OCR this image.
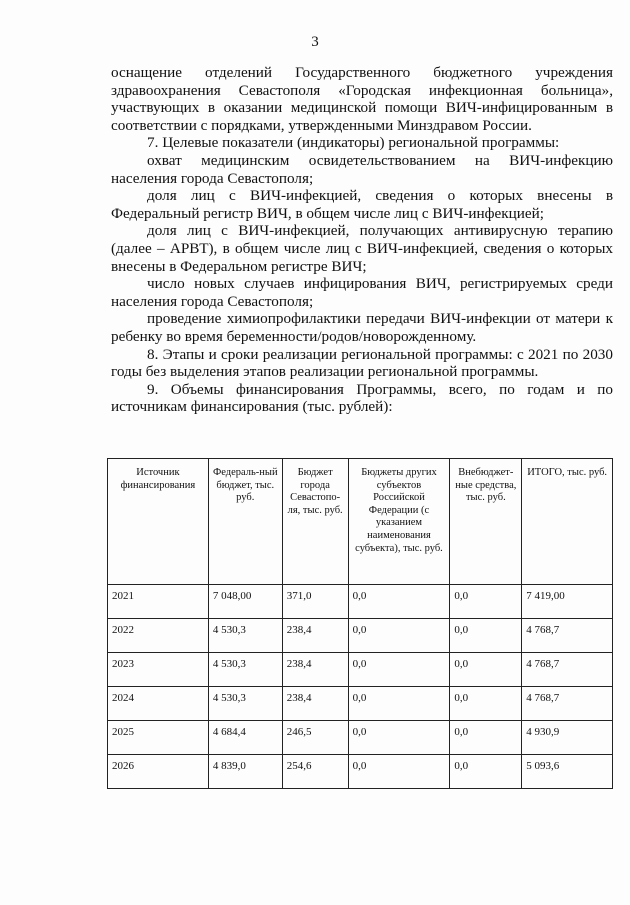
3

оснащение отделений Государственного бюджетного учреждения здравоохранения Севастополя «Городская инфекционная больница», участвующих в оказании медицинской помощи ВИЧ-инфицированным в соответствии с порядками, утвержденными Минздравом России.

7. Целевые показатели (индикаторы) региональной программы:

охват медицинским освидетельствованием на ВИЧ-инфекцию населения города Севастополя;

доля лиц с ВИЧ-инфекцией, сведения о которых внесены в Федеральный регистр ВИЧ, в общем числе лиц с ВИЧ-инфекцией;

доля лиц с ВИЧ-инфекцией, получающих антивирусную терапию (далее – АРВТ), в общем числе лиц с ВИЧ-инфекцией, сведения о которых внесены в Федеральном регистре ВИЧ;

число новых случаев инфицирования ВИЧ, регистрируемых среди населения города Севастополя;

проведение химиопрофилактики передачи ВИЧ-инфекции от матери к ребенку во время беременности/родов/новорожденному.

8. Этапы и сроки реализации региональной программы: с 2021 по 2030 годы без выделения этапов реализации региональной программы.

9. Объемы финансирования Программы, всего, по годам и по источникам финансирования (тыс. рублей):

Источник финансирования	Федераль-ный бюджет, тыс. руб.	Бюджет города Севастопо-ля, тыс. руб.	Бюджеты других субъектов Российской Федерации (с указанием наименования субъекта), тыс. руб.	Внебюджет-ные средства, тыс. руб.	ИТОГО, тыс. руб.
2021	7 048,00	371,0	0,0	0,0	7 419,00
2022	4 530,3	238,4	0,0	0,0	4 768,7
2023	4 530,3	238,4	0,0	0,0	4 768,7
2024	4 530,3	238,4	0,0	0,0	4 768,7
2025	4 684,4	246,5	0,0	0,0	4 930,9
2026	4 839,0	254,6	0,0	0,0	5 093,6
